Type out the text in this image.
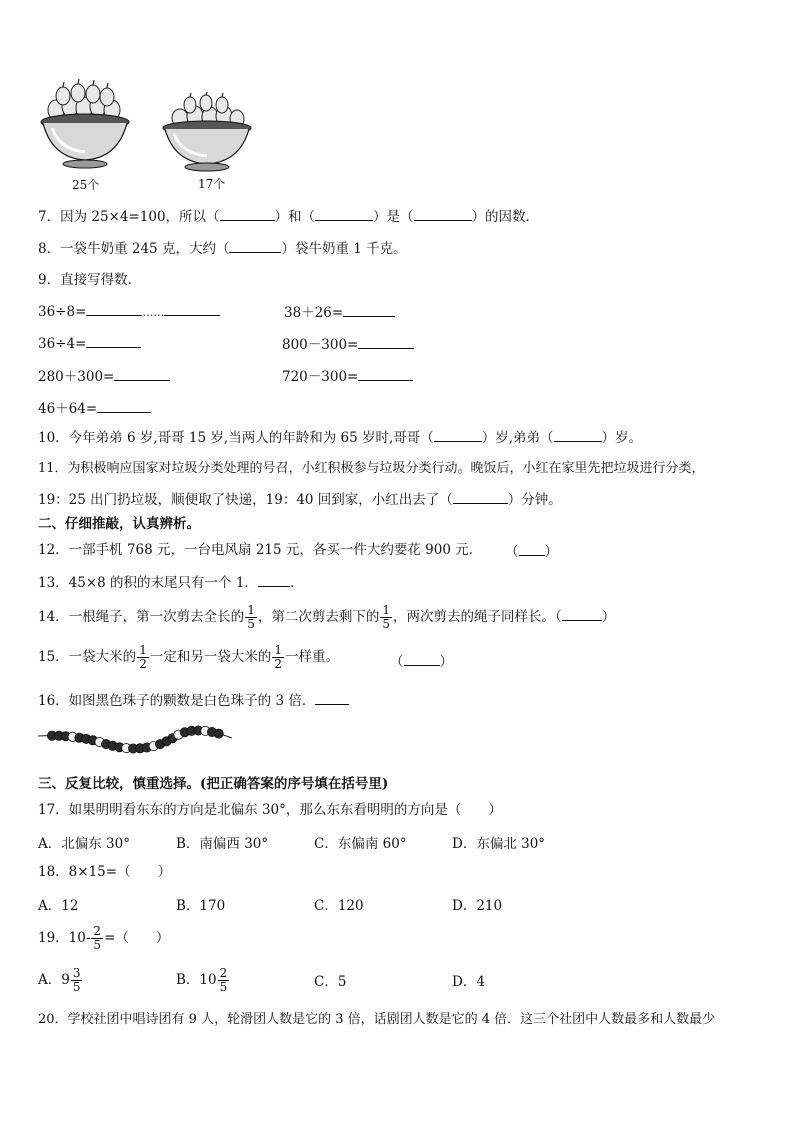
25个	17个
7．因为 25×4=100，所以（	）和（	）是（	）的因数．
8．一袋牛奶重 245 克，大约（	）袋牛奶重 1 千克。
9．直接写得数．
36÷8=	……	38＋26=
36÷4=	800－300=
280＋300=	720－300=
46＋64=
10．今年弟弟 6 岁,哥哥 15 岁,当两人的年龄和为 65 岁时,哥哥（	）岁,弟弟（	）岁。
11．为积极响应国家对垃圾分类处理的号召，小红积极参与垃圾分类行动。晚饭后，小红在家里先把垃圾进行分类，
19：25 出门扔垃圾，顺便取了快递，19：40 回到家，小红出去了（	）分钟。
二、仔细推敲，认真辨析。
12．一部手机 768 元，一台电风扇 215 元，各买一件大约要花 900 元． （ ）
13．45×8 的积的末尾只有一个 1． ．
14．一根绳子，第一次剪去全长的 $\frac{1}{5}$ ，第二次剪去剩下的 $\frac{1}{5}$ ，两次剪去的绳子同样长。（	）
15．一袋大米的 $\frac{1}{2}$ 一定和另一袋大米的 $\frac{1}{2}$ 一样重。	（	）
16．如图黑色珠子的颗数是白色珠子的 3 倍．
三、反复比较，慎重选择。(把正确答案的序号填在括号里)
17．如果明明看东东的方向是北偏东 30°，那么东东看明明的方向是（　　）
A．北偏东 30°	B．南偏西 30°	C．东偏南 60°	D．东偏北 30°
18．8×15=（　　）
A．12	B．170	C．120	D．210
19．$10- \frac{2}{5}$ =（　　）
A．$9 \frac{3}{5}$	B．$10 \frac{2}{5}$	C．5	D．4
20．学校社团中唱诗团有 9 人，轮滑团人数是它的 3 倍，话剧团人数是它的 4 倍．这三个社团中人数最多和人数最少
